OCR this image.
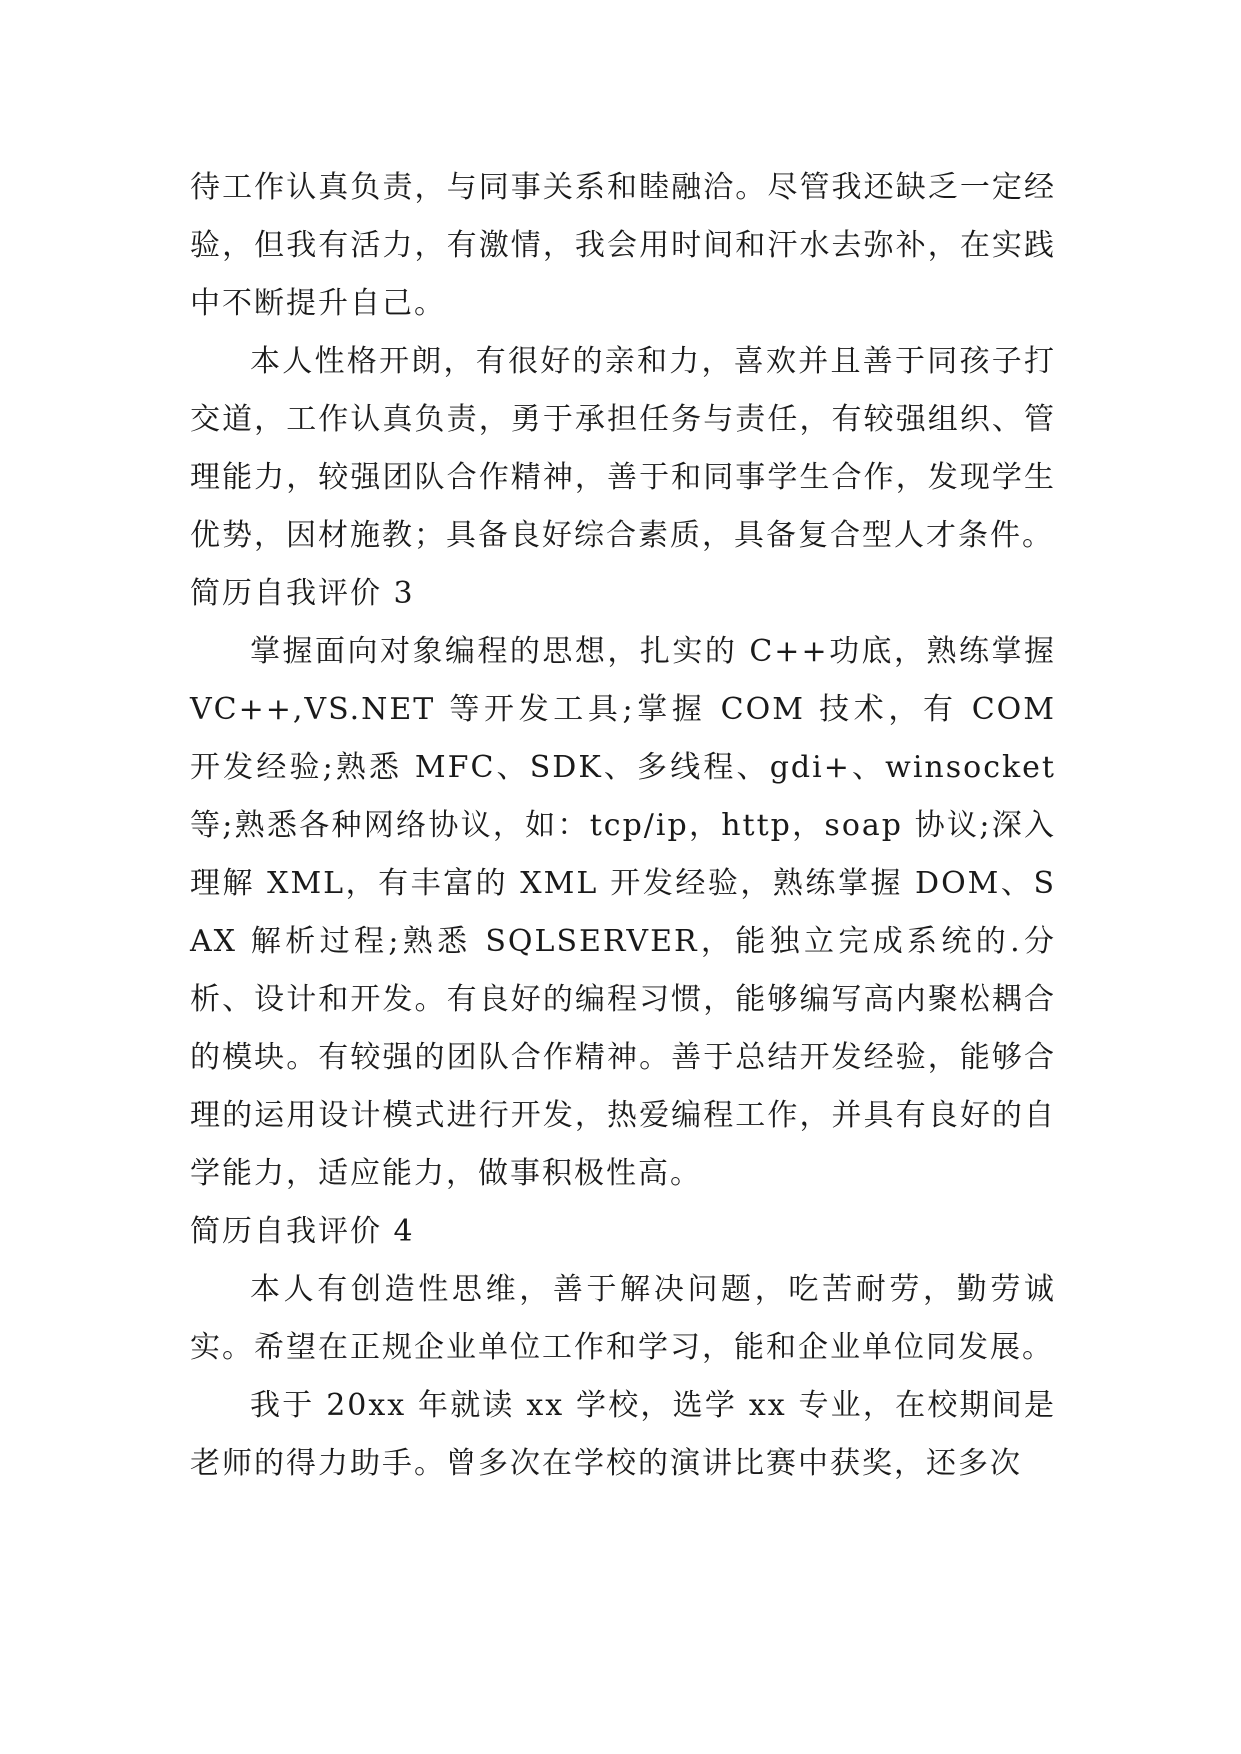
待工作认真负责，与同事关系和睦融洽。尽管我还缺乏一定经验，但我有活力，有激情，我会用时间和汗水去弥补，在实践中不断提升自己。

本人性格开朗，有很好的亲和力，喜欢并且善于同孩子打交道，工作认真负责，勇于承担任务与责任，有较强组织、管理能力，较强团队合作精神，善于和同事学生合作，发现学生优势，因材施教；具备良好综合素质，具备复合型人才条件。

简历自我评价 3

掌握面向对象编程的思想，扎实的 C++功底，熟练掌握 VC++,VS.NET 等开发工具;掌握 COM 技术，有 COM 开发经验;熟悉 MFC、SDK、多线程、gdi+、winsocket 等;熟悉各种网络协议，如：tcp/ip，http，soap 协议;深入理解 XML，有丰富的 XML 开发经验，熟练掌握 DOM、SAX 解析过程;熟悉 SQLSERVER，能独立完成系统的.分析、设计和开发。有良好的编程习惯，能够编写高内聚松耦合的模块。有较强的团队合作精神。善于总结开发经验，能够合理的运用设计模式进行开发，热爱编程工作，并具有良好的自学能力，适应能力，做事积极性高。

简历自我评价 4

本人有创造性思维，善于解决问题，吃苦耐劳，勤劳诚实。希望在正规企业单位工作和学习，能和企业单位同发展。

我于 20xx 年就读 xx 学校，选学 xx 专业，在校期间是老师的得力助手。曾多次在学校的演讲比赛中获奖，还多次
